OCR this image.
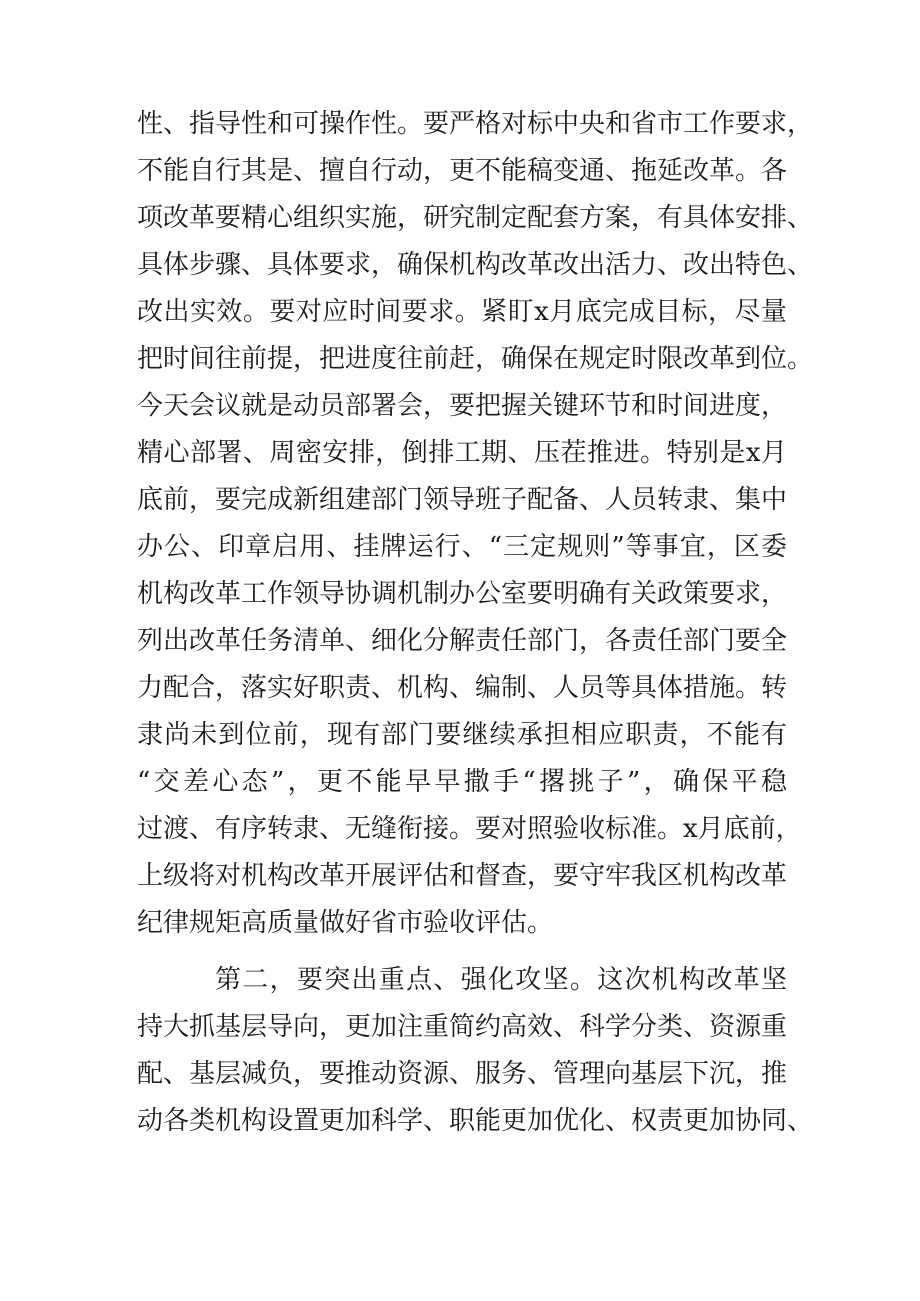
性、指导性和可操作性。要严格对标中央和省市工作要求，
不能自行其是、擅自行动，更不能稿变通、拖延改革。各
项改革要精心组织实施，研究制定配套方案，有具体安排、
具体步骤、具体要求，确保机构改革改出活力、改出特色、
改出实效。要对应时间要求。紧盯x月底完成目标，尽量
把时间往前提，把进度往前赶，确保在规定时限改革到位。
今天会议就是动员部署会，要把握关键环节和时间进度，
精心部署、周密安排，倒排工期、压茬推进。特别是x月
底前，要完成新组建部门领导班子配备、人员转隶、集中
办公、印章启用、挂牌运行、“三定规则”等事宜，区委
机构改革工作领导协调机制办公室要明确有关政策要求，
列出改革任务清单、细化分解责任部门，各责任部门要全
力配合，落实好职责、机构、编制、人员等具体措施。转
隶尚未到位前，现有部门要继续承担相应职责，不能有
“交差心态”，更不能早早撒手“撂挑子”，确保平稳
过渡、有序转隶、无缝衔接。要对照验收标准。x月底前，
上级将对机构改革开展评估和督查，要守牢我区机构改革
纪律规矩高质量做好省市验收评估。
第二，要突出重点、强化攻坚。这次机构改革坚
持大抓基层导向，更加注重简约高效、科学分类、资源重
配、基层减负，要推动资源、服务、管理向基层下沉，推
动各类机构设置更加科学、职能更加优化、权责更加协同、
